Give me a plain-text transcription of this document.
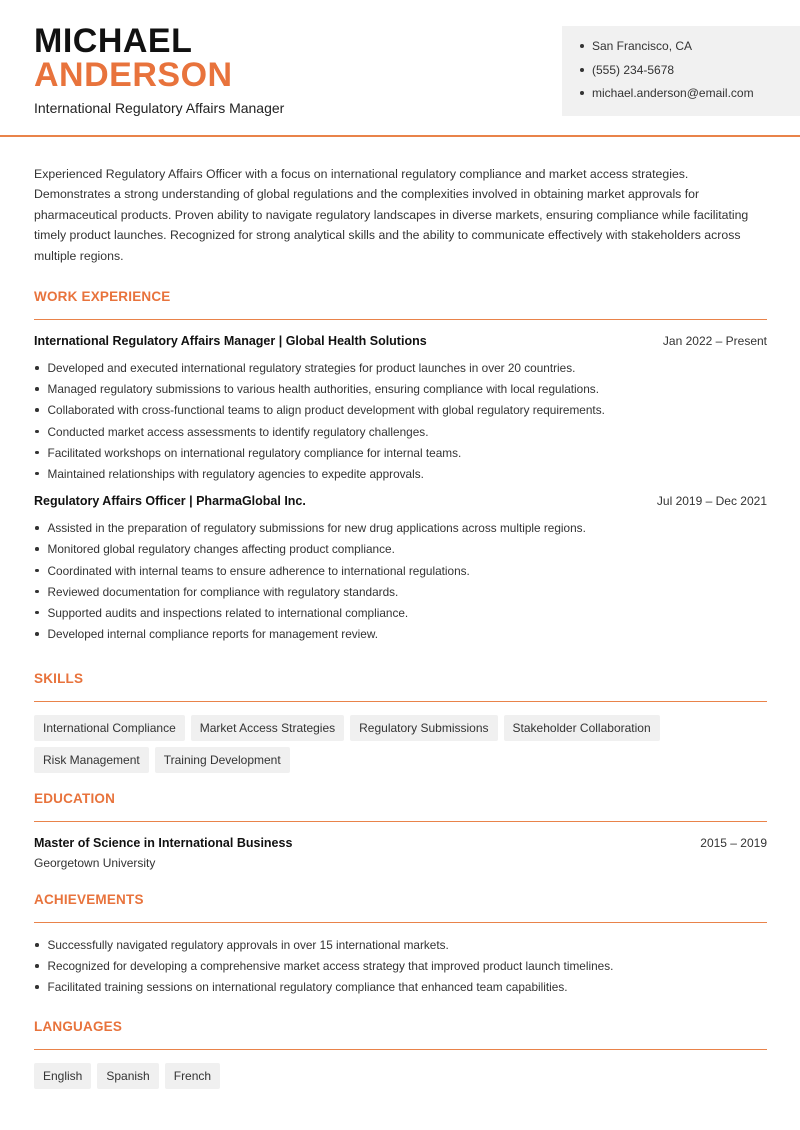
MICHAEL
ANDERSON
International Regulatory Affairs Manager
San Francisco, CA
(555) 234-5678
michael.anderson@email.com

Experienced Regulatory Affairs Officer with a focus on international regulatory compliance and market access strategies. Demonstrates a strong understanding of global regulations and the complexities involved in obtaining market approvals for pharmaceutical products. Proven ability to navigate regulatory landscapes in diverse markets, ensuring compliance while facilitating timely product launches. Recognized for strong analytical skills and the ability to communicate effectively with stakeholders across multiple regions.

WORK EXPERIENCE
International Regulatory Affairs Manager | Global Health Solutions	Jan 2022 – Present
Developed and executed international regulatory strategies for product launches in over 20 countries.
Managed regulatory submissions to various health authorities, ensuring compliance with local regulations.
Collaborated with cross-functional teams to align product development with global regulatory requirements.
Conducted market access assessments to identify regulatory challenges.
Facilitated workshops on international regulatory compliance for internal teams.
Maintained relationships with regulatory agencies to expedite approvals.
Regulatory Affairs Officer | PharmaGlobal Inc.	Jul 2019 – Dec 2021
Assisted in the preparation of regulatory submissions for new drug applications across multiple regions.
Monitored global regulatory changes affecting product compliance.
Coordinated with internal teams to ensure adherence to international regulations.
Reviewed documentation for compliance with regulatory standards.
Supported audits and inspections related to international compliance.
Developed internal compliance reports for management review.
SKILLS
International Compliance	Market Access Strategies	Regulatory Submissions	Stakeholder Collaboration
Risk Management	Training Development
EDUCATION
Master of Science in International Business	2015 – 2019
Georgetown University
ACHIEVEMENTS
Successfully navigated regulatory approvals in over 15 international markets.
Recognized for developing a comprehensive market access strategy that improved product launch timelines.
Facilitated training sessions on international regulatory compliance that enhanced team capabilities.
LANGUAGES
English	Spanish	French
